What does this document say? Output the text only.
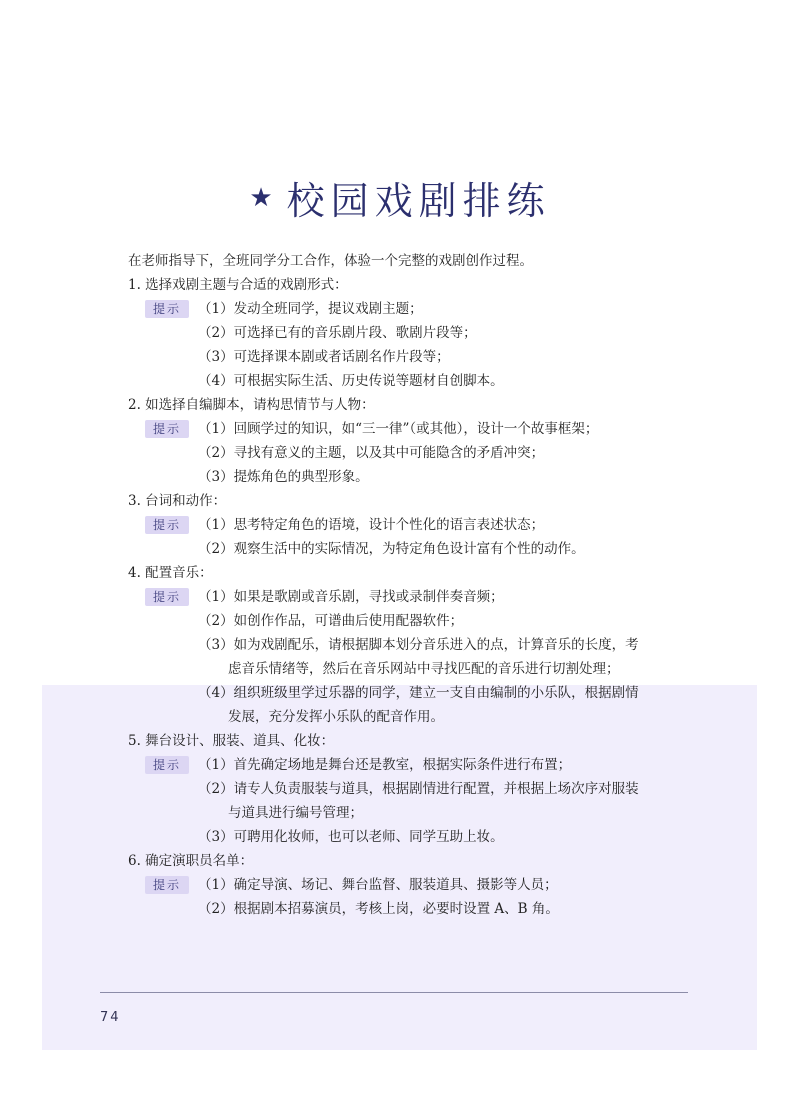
★ 校园戏剧排练
在老师指导下，全班同学分工合作，体验一个完整的戏剧创作过程。
1. 选择戏剧主题与合适的戏剧形式：
提示	（1）发动全班同学，提议戏剧主题；
（2）可选择已有的音乐剧片段、歌剧片段等；
（3）可选择课本剧或者话剧名作片段等；
（4）可根据实际生活、历史传说等题材自创脚本。
2. 如选择自编脚本，请构思情节与人物：
提示	（1）回顾学过的知识，如“三一律”（或其他），设计一个故事框架；
（2）寻找有意义的主题，以及其中可能隐含的矛盾冲突；
（3）提炼角色的典型形象。
3. 台词和动作：
提示	（1）思考特定角色的语境，设计个性化的语言表述状态；
（2）观察生活中的实际情况，为特定角色设计富有个性的动作。
4. 配置音乐：
提示	（1）如果是歌剧或音乐剧，寻找或录制伴奏音频；
（2）如创作作品，可谱曲后使用配器软件；
（3）如为戏剧配乐，请根据脚本划分音乐进入的点，计算音乐的长度，考
虑音乐情绪等，然后在音乐网站中寻找匹配的音乐进行切割处理；
（4）组织班级里学过乐器的同学，建立一支自由编制的小乐队，根据剧情
发展，充分发挥小乐队的配音作用。
5. 舞台设计、服装、道具、化妆：
提示	（1）首先确定场地是舞台还是教室，根据实际条件进行布置；
（2）请专人负责服装与道具，根据剧情进行配置，并根据上场次序对服装
与道具进行编号管理；
（3）可聘用化妆师，也可以老师、同学互助上妆。
6. 确定演职员名单：
提示	（1）确定导演、场记、舞台监督、服装道具、摄影等人员；
（2）根据剧本招募演员，考核上岗，必要时设置 A、B 角。
74
